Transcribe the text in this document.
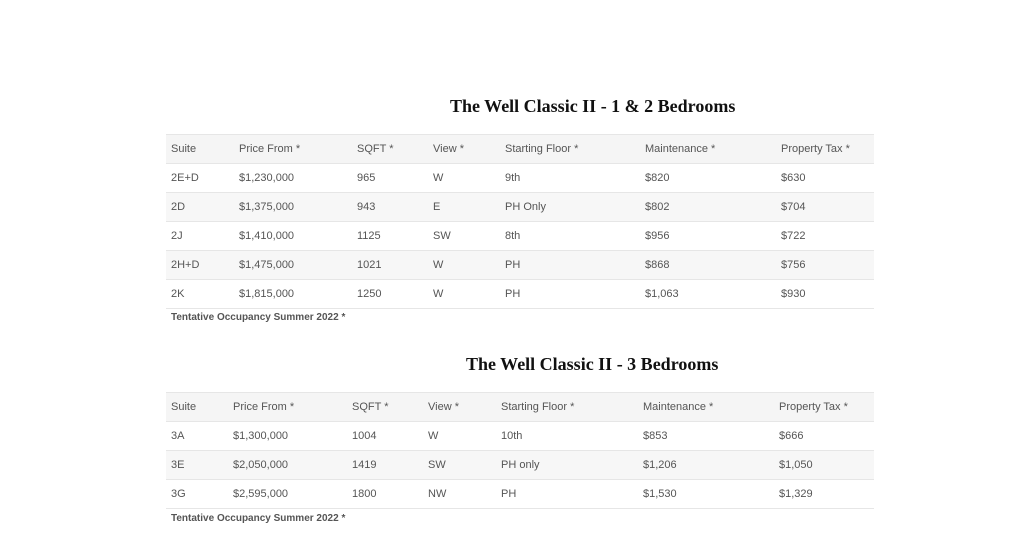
The Well Classic II - 1 & 2 Bedrooms
Suite	Price From *	SQFT *	View *	Starting Floor *	Maintenance *	Property Tax *
2E+D	$1,230,000	965	W	9th	$820	$630
2D	$1,375,000	943	E	PH Only	$802	$704
2J	$1,410,000	1125	SW	8th	$956	$722
2H+D	$1,475,000	1021	W	PH	$868	$756
2K	$1,815,000	1250	W	PH	$1,063	$930
Tentative Occupancy Summer 2022 *
The Well Classic II - 3 Bedrooms
Suite	Price From *	SQFT *	View *	Starting Floor *	Maintenance *	Property Tax *
3A	$1,300,000	1004	W	10th	$853	$666
3E	$2,050,000	1419	SW	PH only	$1,206	$1,050
3G	$2,595,000	1800	NW	PH	$1,530	$1,329
Tentative Occupancy Summer 2022 *
